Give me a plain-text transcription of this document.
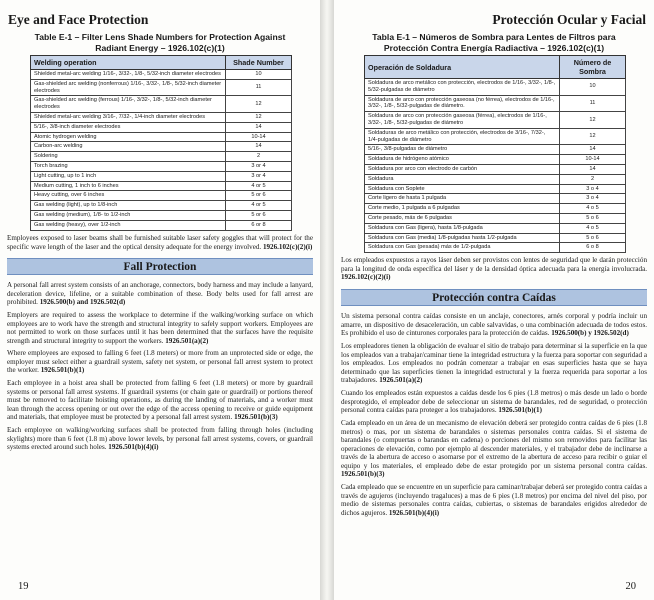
Eye and Face Protection
Table E-1 – Filter Lens Shade Numbers for Protection Against
Radiant Energy – 1926.102(c)(1)
Welding operation	Shade Number
Shielded metal-arc welding 1/16-, 3/32-, 1/8-, 5/32-inch diameter electrodes	10
Gas-shielded arc welding (nonferrous) 1/16-, 3/32-, 1/8-, 5/32-inch diameter electrodes	11
Gas-shielded arc welding (ferrous) 1/16-, 3/32-, 1/8-, 5/32-inch diameter electrodes	12
Shielded metal-arc welding 3/16-, 7/32-, 1/4-inch diameter electrodes	12
5/16-, 3/8-inch diameter electrodes	14
Atomic hydrogen welding	10-14
Carbon-arc welding	14
Soldering	2
Torch brazing	3 or 4
Light cutting, up to 1 inch	3 or 4
Medium cutting, 1 inch to 6 inches	4 or 5
Heavy cutting, over 6 inches	5 or 6
Gas welding (light), up to 1/8-inch	4 or 5
Gas welding (medium), 1/8- to 1/2-inch	5 or 6
Gas welding (heavy), over 1/2-inch	6 or 8

Employees exposed to laser beams shall be furnished suitable laser safety goggles that will protect for the specific wave length of the laser and the optical density adequate for the energy involved. 1926.102(c)(2)(i)

Fall Protection

A personal fall arrest system consists of an anchorage, connectors, body harness and may include a lanyard, deceleration device, lifeline, or a suitable combination of these. Body belts used for fall arrest are prohibited. 1926.500(b) and 1926.502(d)

Employers are required to assess the workplace to determine if the walking/working surface on which employees are to work have the strength and structural integrity to safely support workers. Employees are not permitted to work on those surfaces until it has been determined that the surfaces have the requisite strength and structural integrity to support the workers. 1926.501(a)(2)

Where employees are exposed to falling 6 feet (1.8 meters) or more from an unprotected side or edge, the employer must select either a guardrail system, safety net system, or personal fall arrest system to protect the worker. 1926.501(b)(1)

Each employee in a hoist area shall be protected from falling 6 feet (1.8 meters) or more by guardrail systems or personal fall arrest systems. If guardrail systems (or chain gate or guardrail) or portions thereof must be removed to facilitate hoisting operations, as during the landing of materials, and a worker must lean through the access opening or out over the edge of the access opening to receive or guide equipment and materials, that employee must be protected by a personal fall arrest system. 1926.501(b)(3)

Each employee on walking/working surfaces shall be protected from falling through holes (including skylights) more than 6 feet (1.8 m) above lower levels, by personal fall arrest systems, covers, or guardrail systems erected around such holes. 1926.501(b)(4)(i)

19
Protección Ocular y Facial
Tabla E-1 – Números de Sombra para Lentes de Filtros para
Protección Contra Energía Radiactiva – 1926.102(c)(1)
Operación de Soldadura	Número de Sombra
Soldadura de arco metálico con protección, electrodos de 1/16-, 3/32-, 1/8-, 5/32-pulgadas de diámetro	10
Soldadura de arco con protección gaseosa (no férrea), electrodos de 1/16-, 3/32-, 1/8-, 5/32-pulgadas de diámetro.	11
Soldadura de arco con protección gaseosa (férrea), electrodos de 1/16-, 3/32-, 1/8-, 5/32-pulgadas de diámetro	12
Soldaduras de arco metálico con protección, electrodos de 3/16-, 7/32-, 1/4-pulgadas de diámetro	12
5/16-, 3/8-pulgadas de diámetro	14
Soldadura de hidrógeno atómico	10-14
Soldadura por arco con electrodo de carbón	14
Soldadura	2
Soldadura con Soplete	3 o 4
Corte ligero de hasta 1 pulgada	3 o 4
Corte medio, 1 pulgada a 6 pulgadas	4 o 5
Corte pesado, más de 6 pulgadas	5 o 6
Soldadura con Gas (ligera), hasta 1/8-pulgada	4 o 5
Soldadura con Gas (media) 1/8-pulgadas hasta 1/2-pulgada	5 o 6
Soldadura con Gas (pesada) más de 1/2-pulgada	6 o 8

Los empleados expuestos a rayos láser deben ser provistos con lentes de seguridad que le darán protección para la longitud de onda específica del láser y de la densidad óptica adecuada para la energía involucrada. 1926.102(c)(2)(i)

Protección contra Caídas

Un sistema personal contra caídas consiste en un anclaje, conectores, arnés corporal y podría incluir un amarre, un dispositivo de desaceleración, un cable salvavidas, o una combinación adecuada de todos estos. Es prohibido el uso de cinturones corporales para la protección de caídas. 1926.500(b) y 1926.502(d)

Los empleadores tienen la obligación de evaluar el sitio de trabajo para determinar si la superficie en la que los empleados van a trabajar/caminar tiene la integridad estructura y la fuerza para soportar con seguridad a los empleados. Los empleados no podrán comenzar a trabajar en esas superficies hasta que se haya determinado que las superficies tienen la integridad estructural y la fuerza requerida para soportar a los trabajadores. 1926.501(a)(2)

Cuando los empleados están expuestos a caídas desde los 6 pies (1.8 metros) o más desde un lado o borde desprotegido, el empleador debe de seleccionar un sistema de barandales, red de seguridad, o protección personal contra caídas para proteger a los trabajadores. 1926.501(b)(1)

Cada empleado en un área de un mecanismo de elevación deberá ser protegido contra caídas de 6 pies (1.8 metros) o mas, por un sistema de barandales o sistemas personales contra caídas. Si el sistema de barandales (o compuertas o barandas en cadena) o porciones del mismo son removidos para facilitar las operaciones de elevación, como por ejemplo al descender materiales, y el trabajador debe de inclinarse a través de la abertura de acceso o asomarse por el extremo de la abertura de acceso para recibir o guiar el equipo y los materiales, el empleado debe de estar protegido por un sistema personal contra caídas. 1926.501(b)(3)

Cada empleado que se encuentre en un superficie para caminar/trabajar deberá ser protegido contra caídas a través de agujeros (incluyendo tragaluces) a mas de 6 pies (1.8 metros) por encima del nivel del piso, por medio de sistemas personales contra caídas, cubiertas, o sistemas de barandales erigidos alrededor de dichos agujeros. 1926.501(b)(4)(i)

20
